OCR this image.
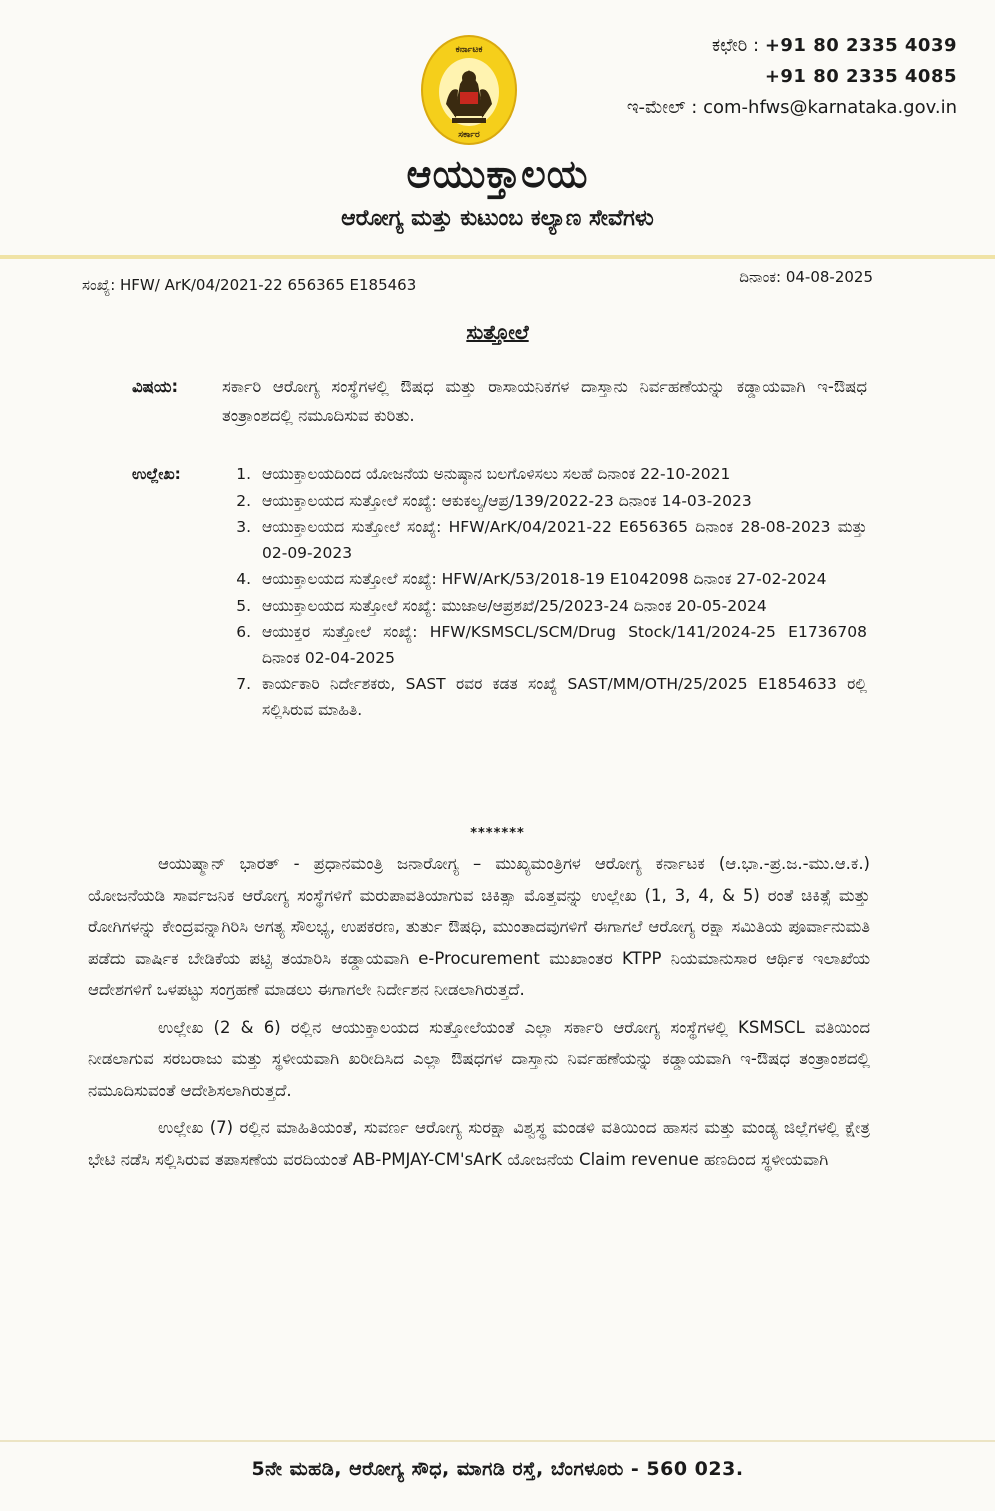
ಕರ್ನಾಟಕ
ಸರ್ಕಾರ
ಕಛೇರಿ : +91 80 2335 4039
+91 80 2335 4085
ಇ-ಮೇಲ್ : com-hfws@karnataka.gov.in
ಆಯುಕ್ತಾಲಯ
ಆರೋಗ್ಯ ಮತ್ತು ಕುಟುಂಬ ಕಲ್ಯಾಣ ಸೇವೆಗಳು
ಸಂಖ್ಯೆ: HFW/ ArK/04/2021-22 656365 E185463	ದಿನಾಂಕ: 04-08-2025
ಸುತ್ತೋಲೆ
ವಿಷಯ:	ಸರ್ಕಾರಿ ಆರೋಗ್ಯ ಸಂಸ್ಥೆಗಳಲ್ಲಿ ಔಷಧ ಮತ್ತು ರಾಸಾಯನಿಕಗಳ ದಾಸ್ತಾನು ನಿರ್ವಹಣೆಯನ್ನು ಕಡ್ಡಾಯವಾಗಿ ಇ-ಔಷಧ ತಂತ್ರಾಂಶದಲ್ಲಿ ನಮೂದಿಸುವ ಕುರಿತು.
ಉಲ್ಲೇಖ:
1.	ಆಯುಕ್ತಾಲಯದಿಂದ ಯೋಜನೆಯ ಅನುಷ್ಠಾನ ಬಲಗೊಳಿಸಲು ಸಲಹೆ ದಿನಾಂಕ 22-10-2021
2. ಆಯುಕ್ತಾಲಯದ ಸುತ್ತೋಲೆ ಸಂಖ್ಯೆ: ಆಕುಕಲ್ಯ/ಆಪ್ರ/139/2022-23 ದಿನಾಂಕ 14-03-2023
3. ಆಯುಕ್ತಾಲಯದ ಸುತ್ತೋಲೆ ಸಂಖ್ಯೆ: HFW/ArK/04/2021-22 E656365 ದಿನಾಂಕ 28-08-2023 ಮತ್ತು 02-09-2023
4. ಆಯುಕ್ತಾಲಯದ ಸುತ್ತೋಲೆ ಸಂಖ್ಯೆ: HFW/ArK/53/2018-19 E1042098 ದಿನಾಂಕ 27-02-2024
5. ಆಯುಕ್ತಾಲಯದ ಸುತ್ತೋಲೆ ಸಂಖ್ಯೆ: ಮುಜಾಅ/ಆಪ್ರಶಖೆ/25/2023-24 ದಿನಾಂಕ 20-05-2024
6. ಆಯುಕ್ತರ ಸುತ್ತೋಲೆ ಸಂಖ್ಯೆ: HFW/KSMSCL/SCM/Drug Stock/141/2024-25 E1736708 ದಿನಾಂಕ 02-04-2025
7. ಕಾರ್ಯಕಾರಿ ನಿರ್ದೇಶಕರು, SAST ರವರ ಕಡತ ಸಂಖ್ಯೆ SAST/MM/OTH/25/2025 E1854633 ರಲ್ಲಿ ಸಲ್ಲಿಸಿರುವ ಮಾಹಿತಿ.
*******

ಆಯುಷ್ಮಾನ್ ಭಾರತ್ - ಪ್ರಧಾನಮಂತ್ರಿ ಜನಾರೋಗ್ಯ – ಮುಖ್ಯಮಂತ್ರಿಗಳ ಆರೋಗ್ಯ ಕರ್ನಾಟಕ (ಆ.ಭಾ.-ಪ್ರ.ಜ.-ಮು.ಆ.ಕ.) ಯೋಜನೆಯಡಿ ಸಾರ್ವಜನಿಕ ಆರೋಗ್ಯ ಸಂಸ್ಥೆಗಳಿಗೆ ಮರುಪಾವತಿಯಾಗುವ ಚಿಕಿತ್ಸಾ ಮೊತ್ತವನ್ನು ಉಲ್ಲೇಖ (1, 3, 4, & 5) ರಂತೆ ಚಿಕಿತ್ಸೆ ಮತ್ತು ರೋಗಿಗಳನ್ನು ಕೇಂದ್ರವನ್ನಾಗಿರಿಸಿ ಅಗತ್ಯ ಸೌಲಭ್ಯ, ಉಪಕರಣ, ತುರ್ತು ಔಷಧಿ, ಮುಂತಾದವುಗಳಿಗೆ ಈಗಾಗಲೆ ಆರೋಗ್ಯ ರಕ್ಷಾ ಸಮಿತಿಯ ಪೂರ್ವಾನುಮತಿ ಪಡೆದು ವಾರ್ಷಿಕ ಬೇಡಿಕೆಯ ಪಟ್ಟಿ ತಯಾರಿಸಿ ಕಡ್ಡಾಯವಾಗಿ e-Procurement ಮುಖಾಂತರ KTPP ನಿಯಮಾನುಸಾರ ಆರ್ಥಿಕ ಇಲಾಖೆಯ ಆದೇಶಗಳಿಗೆ ಒಳಪಟ್ಟು ಸಂಗ್ರಹಣೆ ಮಾಡಲು ಈಗಾಗಲೇ ನಿರ್ದೇಶನ ನೀಡಲಾಗಿರುತ್ತದೆ.

ಉಲ್ಲೇಖ (2 & 6) ರಲ್ಲಿನ ಆಯುಕ್ತಾಲಯದ ಸುತ್ತೋಲೆಯಂತೆ ಎಲ್ಲಾ ಸರ್ಕಾರಿ ಆರೋಗ್ಯ ಸಂಸ್ಥೆಗಳಲ್ಲಿ KSMSCL ವತಿಯಿಂದ ನೀಡಲಾಗುವ ಸರಬರಾಜು ಮತ್ತು ಸ್ಥಳೀಯವಾಗಿ ಖರೀದಿಸಿದ ಎಲ್ಲಾ ಔಷಧಗಳ ದಾಸ್ತಾನು ನಿರ್ವಹಣೆಯನ್ನು ಕಡ್ಡಾಯವಾಗಿ ಇ-ಔಷಧ ತಂತ್ರಾಂಶದಲ್ಲಿ ನಮೂದಿಸುವಂತೆ ಆದೇಶಿಸಲಾಗಿರುತ್ತದೆ.

ಉಲ್ಲೇಖ (7) ರಲ್ಲಿನ ಮಾಹಿತಿಯಂತೆ, ಸುವರ್ಣ ಆರೋಗ್ಯ ಸುರಕ್ಷಾ ವಿಶ್ವಸ್ಥ ಮಂಡಳಿ ವತಿಯಿಂದ ಹಾಸನ ಮತ್ತು ಮಂಡ್ಯ ಜಿಲ್ಲೆಗಳಲ್ಲಿ ಕ್ಷೇತ್ರ ಭೇಟಿ ನಡೆಸಿ ಸಲ್ಲಿಸಿರುವ ತಪಾಸಣೆಯ ವರದಿಯಂತೆ AB-PMJAY-CM'sArK ಯೋಜನೆಯ Claim revenue ಹಣದಿಂದ ಸ್ಥಳೀಯವಾಗಿ

5ನೇ ಮಹಡಿ, ಆರೋಗ್ಯ ಸೌಧ, ಮಾಗಡಿ ರಸ್ತೆ, ಬೆಂಗಳೂರು - 560 023.
